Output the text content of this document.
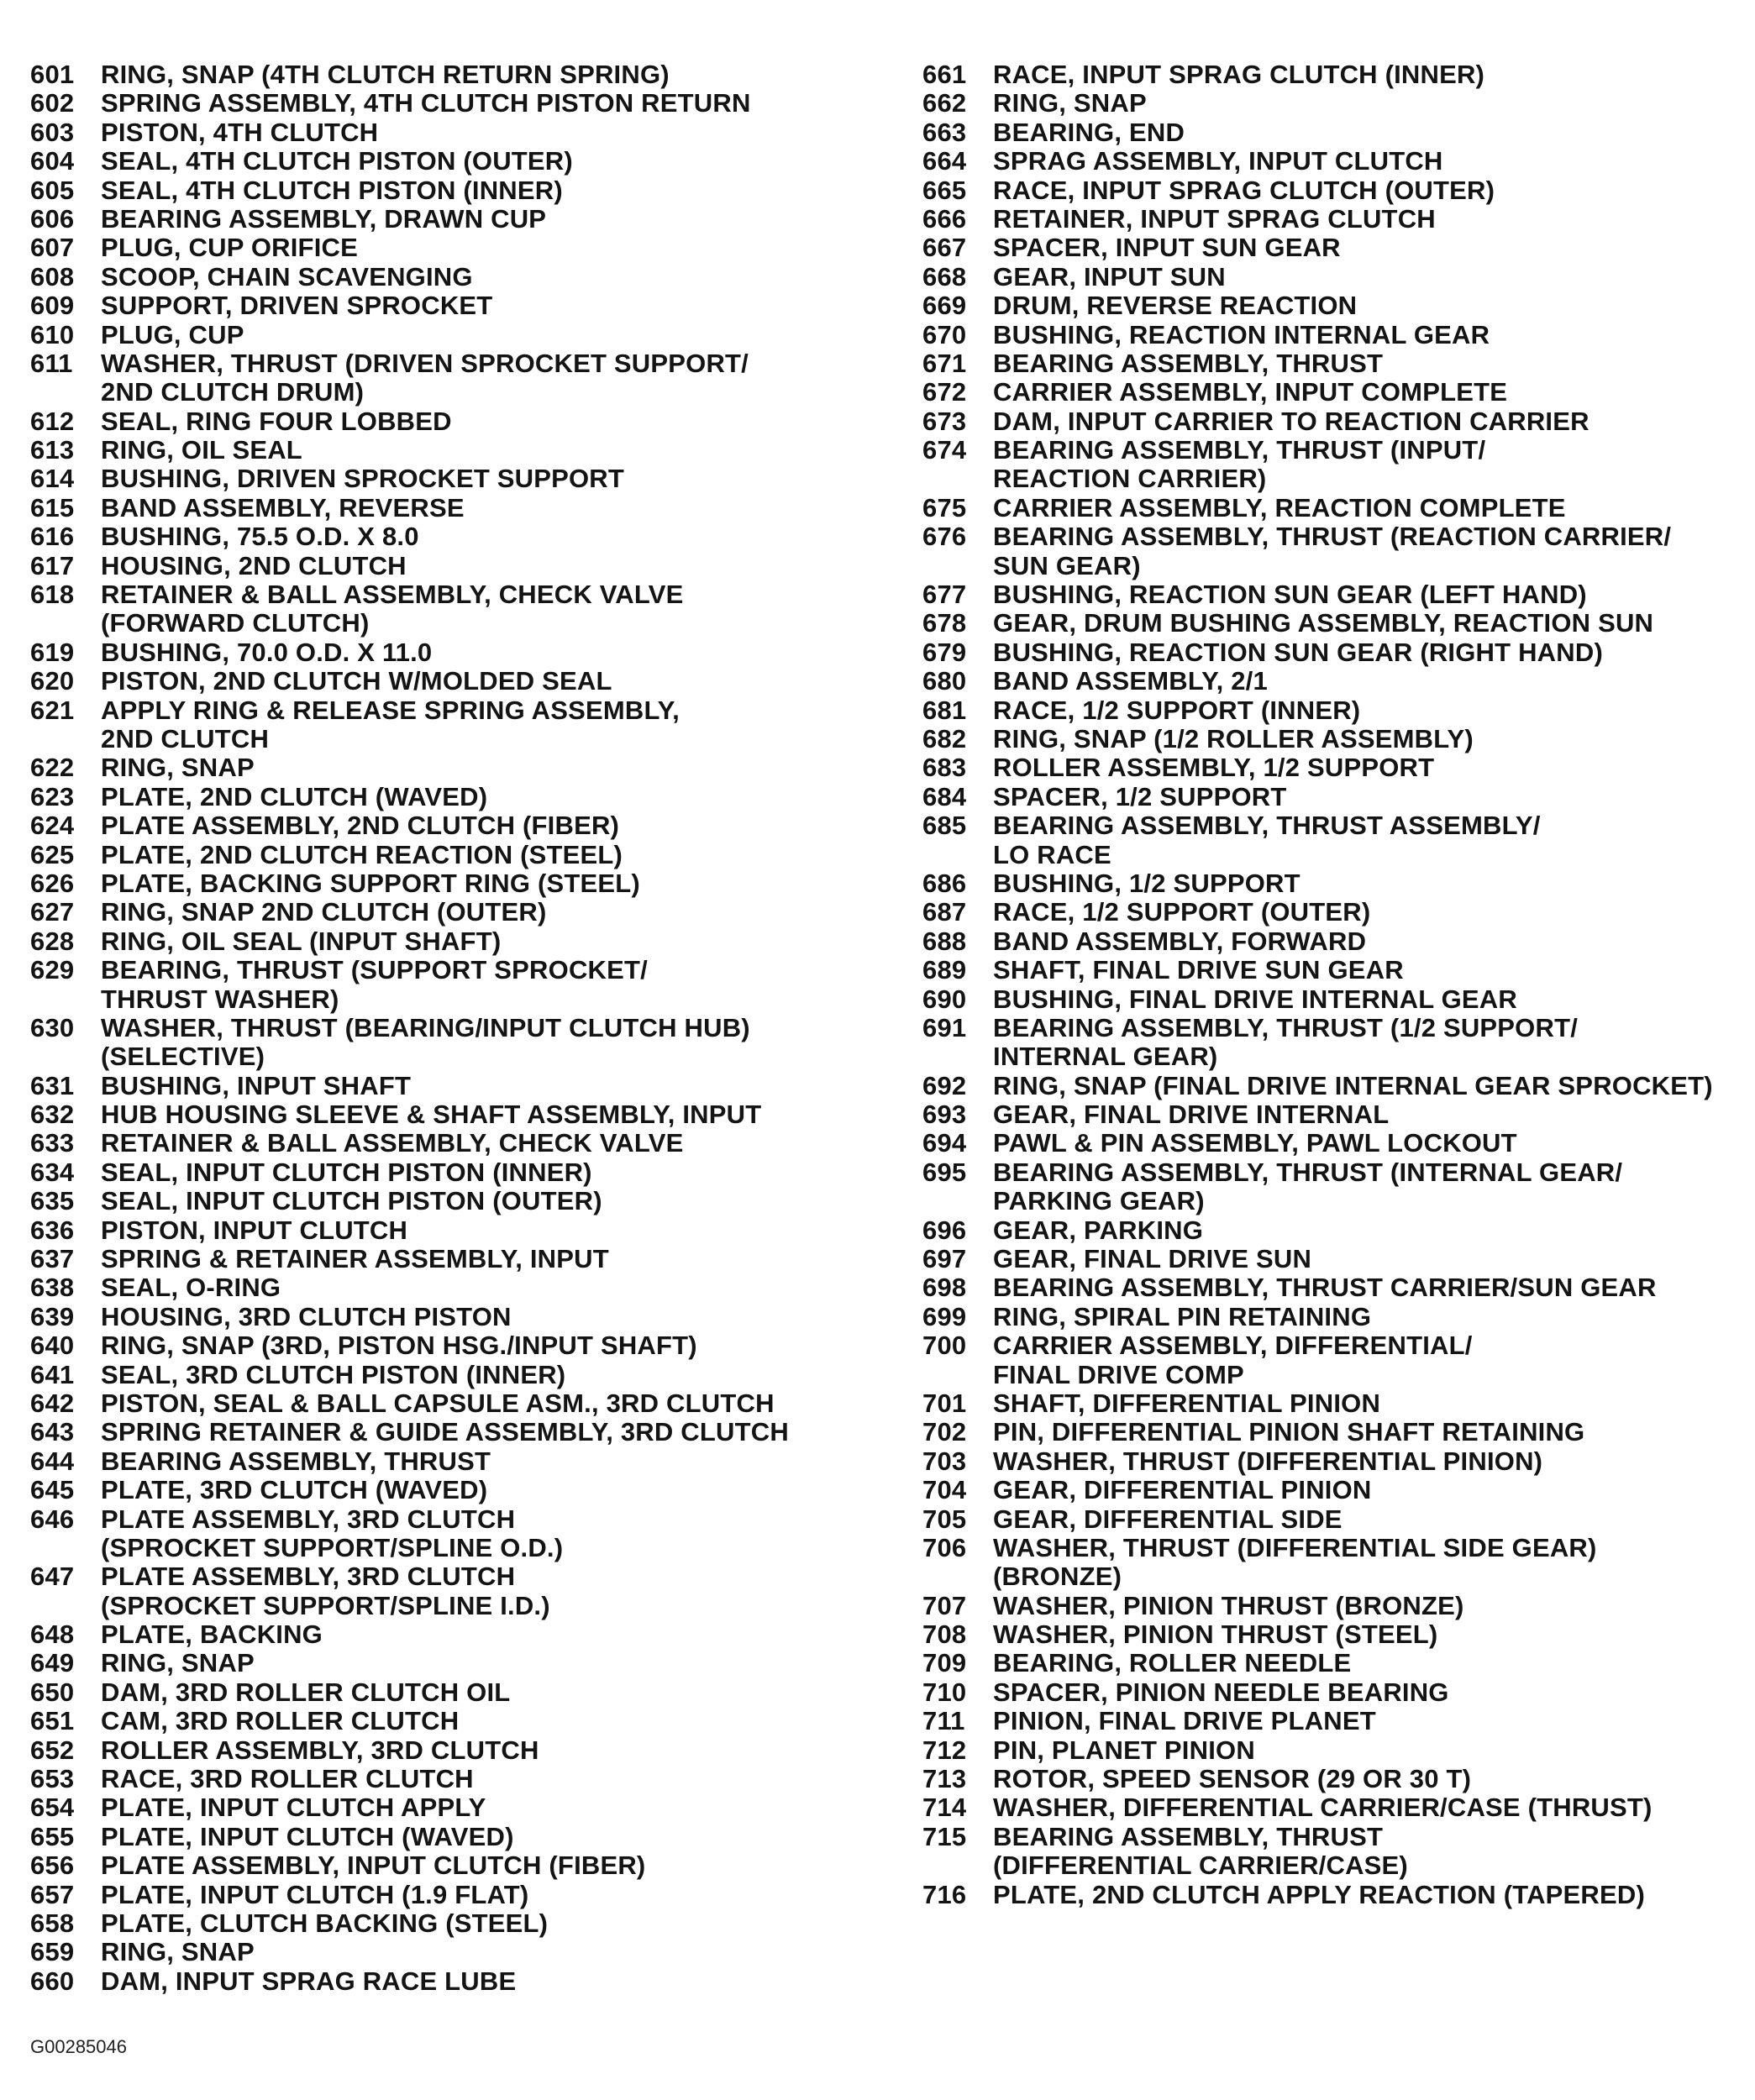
601	RING, SNAP (4TH CLUTCH RETURN SPRING)
602	SPRING ASSEMBLY, 4TH CLUTCH PISTON RETURN
603	PISTON, 4TH CLUTCH
604	SEAL, 4TH CLUTCH PISTON (OUTER)
605	SEAL, 4TH CLUTCH PISTON (INNER)
606	BEARING ASSEMBLY, DRAWN CUP
607	PLUG, CUP ORIFICE
608	SCOOP, CHAIN SCAVENGING
609	SUPPORT, DRIVEN SPROCKET
610	PLUG, CUP
611	WASHER, THRUST (DRIVEN SPROCKET SUPPORT/
2ND CLUTCH DRUM)
612	SEAL, RING FOUR LOBBED
613	RING, OIL SEAL
614	BUSHING, DRIVEN SPROCKET SUPPORT
615	BAND ASSEMBLY, REVERSE
616	BUSHING, 75.5 O.D. X 8.0
617	HOUSING, 2ND CLUTCH
618	RETAINER & BALL ASSEMBLY, CHECK VALVE
(FORWARD CLUTCH)
619	BUSHING, 70.0 O.D. X 11.0
620	PISTON, 2ND CLUTCH W/MOLDED SEAL
621	APPLY RING & RELEASE SPRING ASSEMBLY,
2ND CLUTCH
622	RING, SNAP
623	PLATE, 2ND CLUTCH (WAVED)
624	PLATE ASSEMBLY, 2ND CLUTCH (FIBER)
625	PLATE, 2ND CLUTCH REACTION (STEEL)
626	PLATE, BACKING SUPPORT RING (STEEL)
627	RING, SNAP 2ND CLUTCH (OUTER)
628	RING, OIL SEAL (INPUT SHAFT)
629	BEARING, THRUST (SUPPORT SPROCKET/
THRUST WASHER)
630	WASHER, THRUST (BEARING/INPUT CLUTCH HUB)
(SELECTIVE)
631	BUSHING, INPUT SHAFT
632	HUB HOUSING SLEEVE & SHAFT ASSEMBLY, INPUT
633	RETAINER & BALL ASSEMBLY, CHECK VALVE
634	SEAL, INPUT CLUTCH PISTON (INNER)
635	SEAL, INPUT CLUTCH PISTON (OUTER)
636	PISTON, INPUT CLUTCH
637	SPRING & RETAINER ASSEMBLY, INPUT
638	SEAL, O-RING
639	HOUSING, 3RD CLUTCH PISTON
640	RING, SNAP (3RD, PISTON HSG./INPUT SHAFT)
641	SEAL, 3RD CLUTCH PISTON (INNER)
642	PISTON, SEAL & BALL CAPSULE ASM., 3RD CLUTCH
643	SPRING RETAINER & GUIDE ASSEMBLY, 3RD CLUTCH
644	BEARING ASSEMBLY, THRUST
645	PLATE, 3RD CLUTCH (WAVED)
646	PLATE ASSEMBLY, 3RD CLUTCH
(SPROCKET SUPPORT/SPLINE O.D.)
647	PLATE ASSEMBLY, 3RD CLUTCH
(SPROCKET SUPPORT/SPLINE I.D.)
648	PLATE, BACKING
649	RING, SNAP
650	DAM, 3RD ROLLER CLUTCH OIL
651	CAM, 3RD ROLLER CLUTCH
652	ROLLER ASSEMBLY, 3RD CLUTCH
653	RACE, 3RD ROLLER CLUTCH
654	PLATE, INPUT CLUTCH APPLY
655	PLATE, INPUT CLUTCH (WAVED)
656	PLATE ASSEMBLY, INPUT CLUTCH (FIBER)
657	PLATE, INPUT CLUTCH (1.9 FLAT)
658	PLATE, CLUTCH BACKING (STEEL)
659	RING, SNAP
660	DAM, INPUT SPRAG RACE LUBE
661	RACE, INPUT SPRAG CLUTCH (INNER)
662	RING, SNAP
663	BEARING, END
664	SPRAG ASSEMBLY, INPUT CLUTCH
665	RACE, INPUT SPRAG CLUTCH (OUTER)
666	RETAINER, INPUT SPRAG CLUTCH
667	SPACER, INPUT SUN GEAR
668	GEAR, INPUT SUN
669	DRUM, REVERSE REACTION
670	BUSHING, REACTION INTERNAL GEAR
671	BEARING ASSEMBLY, THRUST
672	CARRIER ASSEMBLY, INPUT COMPLETE
673	DAM, INPUT CARRIER TO REACTION CARRIER
674	BEARING ASSEMBLY, THRUST (INPUT/
REACTION CARRIER)
675	CARRIER ASSEMBLY, REACTION COMPLETE
676	BEARING ASSEMBLY, THRUST (REACTION CARRIER/
SUN GEAR)
677	BUSHING, REACTION SUN GEAR (LEFT HAND)
678	GEAR, DRUM BUSHING ASSEMBLY, REACTION SUN
679	BUSHING, REACTION SUN GEAR (RIGHT HAND)
680	BAND ASSEMBLY, 2/1
681	RACE, 1/2 SUPPORT (INNER)
682	RING, SNAP (1/2 ROLLER ASSEMBLY)
683	ROLLER ASSEMBLY, 1/2 SUPPORT
684	SPACER, 1/2 SUPPORT
685	BEARING ASSEMBLY, THRUST ASSEMBLY/
LO RACE
686	BUSHING, 1/2 SUPPORT
687	RACE, 1/2 SUPPORT (OUTER)
688	BAND ASSEMBLY, FORWARD
689	SHAFT, FINAL DRIVE SUN GEAR
690	BUSHING, FINAL DRIVE INTERNAL GEAR
691	BEARING ASSEMBLY, THRUST (1/2 SUPPORT/
INTERNAL GEAR)
692	RING, SNAP (FINAL DRIVE INTERNAL GEAR SPROCKET)
693	GEAR, FINAL DRIVE INTERNAL
694	PAWL & PIN ASSEMBLY, PAWL LOCKOUT
695	BEARING ASSEMBLY, THRUST (INTERNAL GEAR/
PARKING GEAR)
696	GEAR, PARKING
697	GEAR, FINAL DRIVE SUN
698	BEARING ASSEMBLY, THRUST CARRIER/SUN GEAR
699	RING, SPIRAL PIN RETAINING
700	CARRIER ASSEMBLY, DIFFERENTIAL/
FINAL DRIVE COMP
701	SHAFT, DIFFERENTIAL PINION
702	PIN, DIFFERENTIAL PINION SHAFT RETAINING
703	WASHER, THRUST (DIFFERENTIAL PINION)
704	GEAR, DIFFERENTIAL PINION
705	GEAR, DIFFERENTIAL SIDE
706	WASHER, THRUST (DIFFERENTIAL SIDE GEAR)
(BRONZE)
707	WASHER, PINION THRUST (BRONZE)
708	WASHER, PINION THRUST (STEEL)
709	BEARING, ROLLER NEEDLE
710	SPACER, PINION NEEDLE BEARING
711	PINION, FINAL DRIVE PLANET
712	PIN, PLANET PINION
713	ROTOR, SPEED SENSOR (29 OR 30 T)
714	WASHER, DIFFERENTIAL CARRIER/CASE (THRUST)
715	BEARING ASSEMBLY, THRUST
(DIFFERENTIAL CARRIER/CASE)
716	PLATE, 2ND CLUTCH APPLY REACTION (TAPERED)
G00285046
